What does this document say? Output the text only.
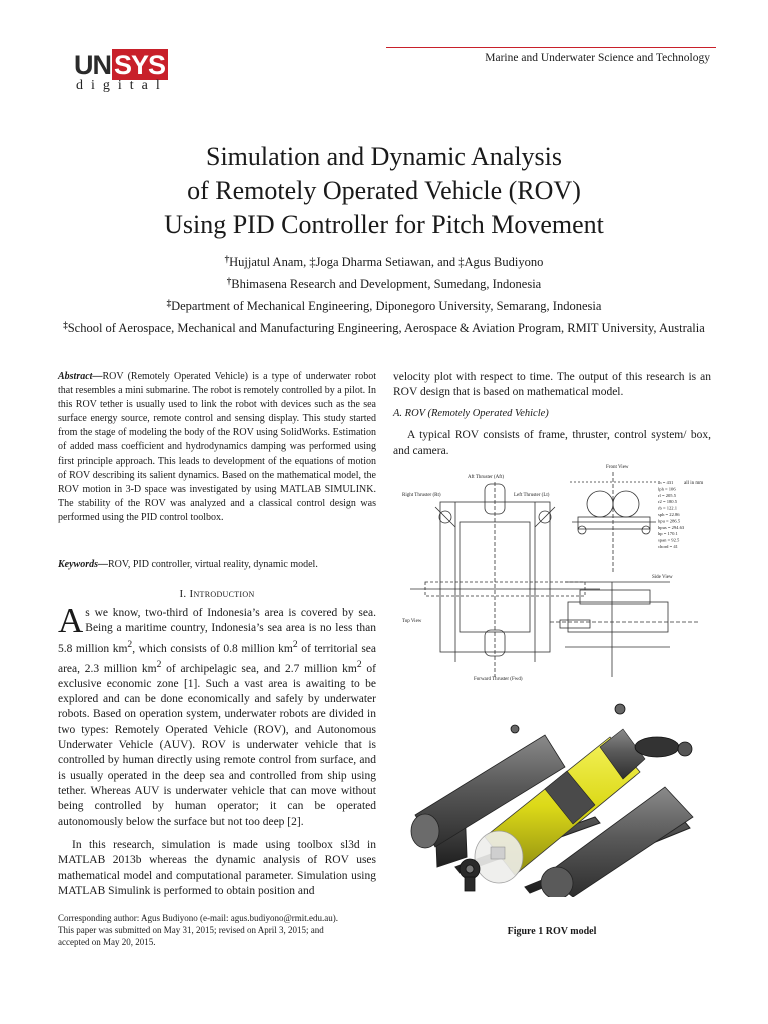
UN SYS
digital
Marine and Underwater Science and Technology
Simulation and Dynamic Analysis
of Remotely Operated Vehicle (ROV)
Using PID Controller for Pitch Movement
†Hujjatul Anam, ‡Joga Dharma Setiawan, and ‡Agus Budiyono
†Bhimasena Research and Development, Sumedang, Indonesia
‡Department of Mechanical Engineering, Diponegoro University, Semarang, Indonesia
‡School of Aerospace, Mechanical and Manufacturing Engineering, Aerospace & Aviation Program, RMIT University, Australia
Abstract—ROV (Remotely Operated Vehicle) is a type of underwater robot that resembles a mini submarine. The robot is remotely controlled by a pilot. In this ROV tether is usually used to link the robot with devices such as the sea surface energy source, remote control and sensing display. This study started from the stage of modeling the body of the ROV using SolidWorks. Estimation of added mass coefficient and hydrodynamics damping was performed using first principle approach. This leads to development of the equations of motion of ROV describing its salient dynamics. Based on the mathematical model, the ROV motion in 3-D space was investigated by using MATLAB SIMULINK. The stability of the ROV was analyzed and a classical control design was performed using the PID control toolbox.
Keywords—ROV, PID controller, virtual reality, dynamic model.
I. Introduction
As we know, two-third of Indonesia’s area is covered by sea. Being a maritime country, Indonesia’s sea area is no less than 5.8 million $km^2$, which consists of 0.8 million $km^2$ of territorial sea area, 2.3 million $km^2$ of archipelagic sea, and 2.7 million $km^2$ of exclusive economic zone [1]. Such a vast area is awaiting to be explored and can be done economically and safely by underwater robots. Based on operation system, underwater robots are divided in two types: Remotely Operated Vehicle (ROV), and Autonomous Underwater Vehicle (AUV). ROV is underwater vehicle that is controlled by human directly using remote control from surface, and is usually operated in the deep sea and controlled from ship using tether. Whereas AUV is underwater vehicle that can move without being controlled by human operator; it can be operated autonomously below the surface but not too deep [2].
In this research, simulation is made using toolbox sl3d in MATLAB 2013b whereas the dynamic analysis of ROV uses mathematical model and computational parameter. Simulation using MATLAB Simulink is performed to obtain position and
Corresponding author: Agus Budiyono (e-mail: agus.budiyono@rmit.edu.au).
This paper was submitted on May 31, 2015; revised on April 3, 2015; and
accepted on May 20, 2015.
velocity plot with respect to time. The output of this research is an ROV design that is based on mathematical model.
A. ROV (Remotely Operated Vehicle)
A typical ROV consists of frame, thruster, control system/ box, and camera.
Front View
Side View
Top View
Aft Thruster (Aft)
Right Thruster (Rt)	Left Thruster (Lt)
Forward Thruster (Fwd)
all in mm
lh = 431
lph = 106
rl = 205.5
r2 = 180.5
rb = 122.1
sph = 22.86
hpu = 286.5
hpus = 294.63
hp = 170.1
span = 92.5
chord = 41
Figure 1 ROV model
